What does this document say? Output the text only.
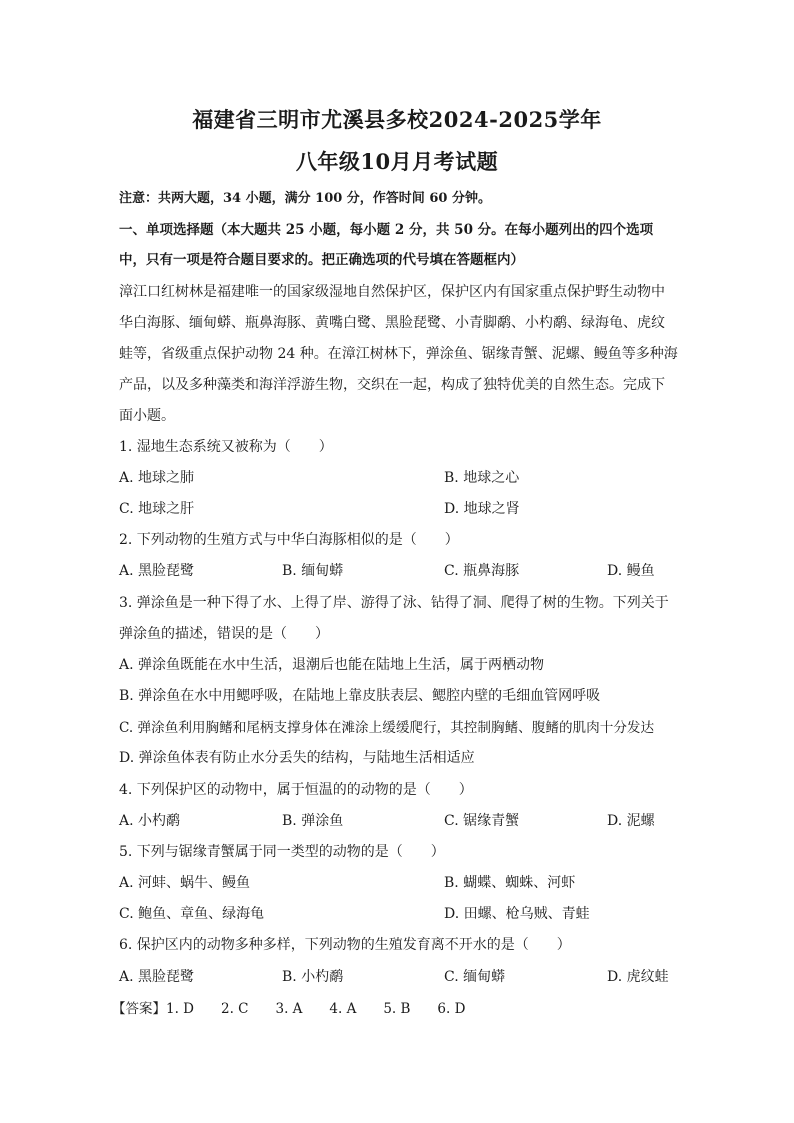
福建省三明市尤溪县多校2024-2025学年
八年级10月月考试题
注意：共两大题，34 小题，满分 100 分，作答时间 60 分钟。
一、单项选择题（本大题共 25 小题，每小题 2 分，共 50 分。在每小题列出的四个选项
中，只有一项是符合题目要求的。把正确选项的代号填在答题框内）
漳江口红树林是福建唯一的国家级湿地自然保护区，保护区内有国家重点保护野生动物中
华白海豚、缅甸蟒、瓶鼻海豚、黄嘴白鹭、黑脸琵鹭、小青脚鹬、小杓鹬、绿海龟、虎纹
蛙等，省级重点保护动物 24 种。在漳江树林下，弹涂鱼、锯缘青蟹、泥螺、鳗鱼等多种海
产品，以及多种藻类和海洋浮游生物，交织在一起，构成了独特优美的自然生态。完成下
面小题。
1. 湿地生态系统又被称为（　　）
A. 地球之肺	B. 地球之心
C. 地球之肝	D. 地球之肾
2. 下列动物的生殖方式与中华白海豚相似的是（　　）
A. 黑脸琵鹭	B. 缅甸蟒	C. 瓶鼻海豚	D. 鳗鱼
3. 弹涂鱼是一种下得了水、上得了岸、游得了泳、钻得了洞、爬得了树的生物。下列关于
弹涂鱼的描述，错误的是（　　）
A. 弹涂鱼既能在水中生活，退潮后也能在陆地上生活，属于两栖动物
B. 弹涂鱼在水中用鳃呼吸，在陆地上靠皮肤表层、鳃腔内壁的毛细血管网呼吸
C. 弹涂鱼利用胸鳍和尾柄支撑身体在滩涂上缓缓爬行，其控制胸鳍、腹鳍的肌肉十分发达
D. 弹涂鱼体表有防止水分丢失的结构，与陆地生活相适应
4. 下列保护区的动物中，属于恒温的的动物的是（　　）
A. 小杓鹬	B. 弹涂鱼	C. 锯缘青蟹	D. 泥螺
5. 下列与锯缘青蟹属于同一类型的动物的是（　　）
A. 河蚌、蜗牛、鳗鱼	B. 蝴蝶、蜘蛛、河虾
C. 鲍鱼、章鱼、绿海龟	D. 田螺、枪乌贼、青蛙
6. 保护区内的动物多种多样，下列动物的生殖发育离不开水的是（　　）
A. 黑脸琵鹭	B. 小杓鹬	C. 缅甸蟒	D. 虎纹蛙
【答案】1. D　　2. C　　3. A　　4. A　　5. B　　6. D
